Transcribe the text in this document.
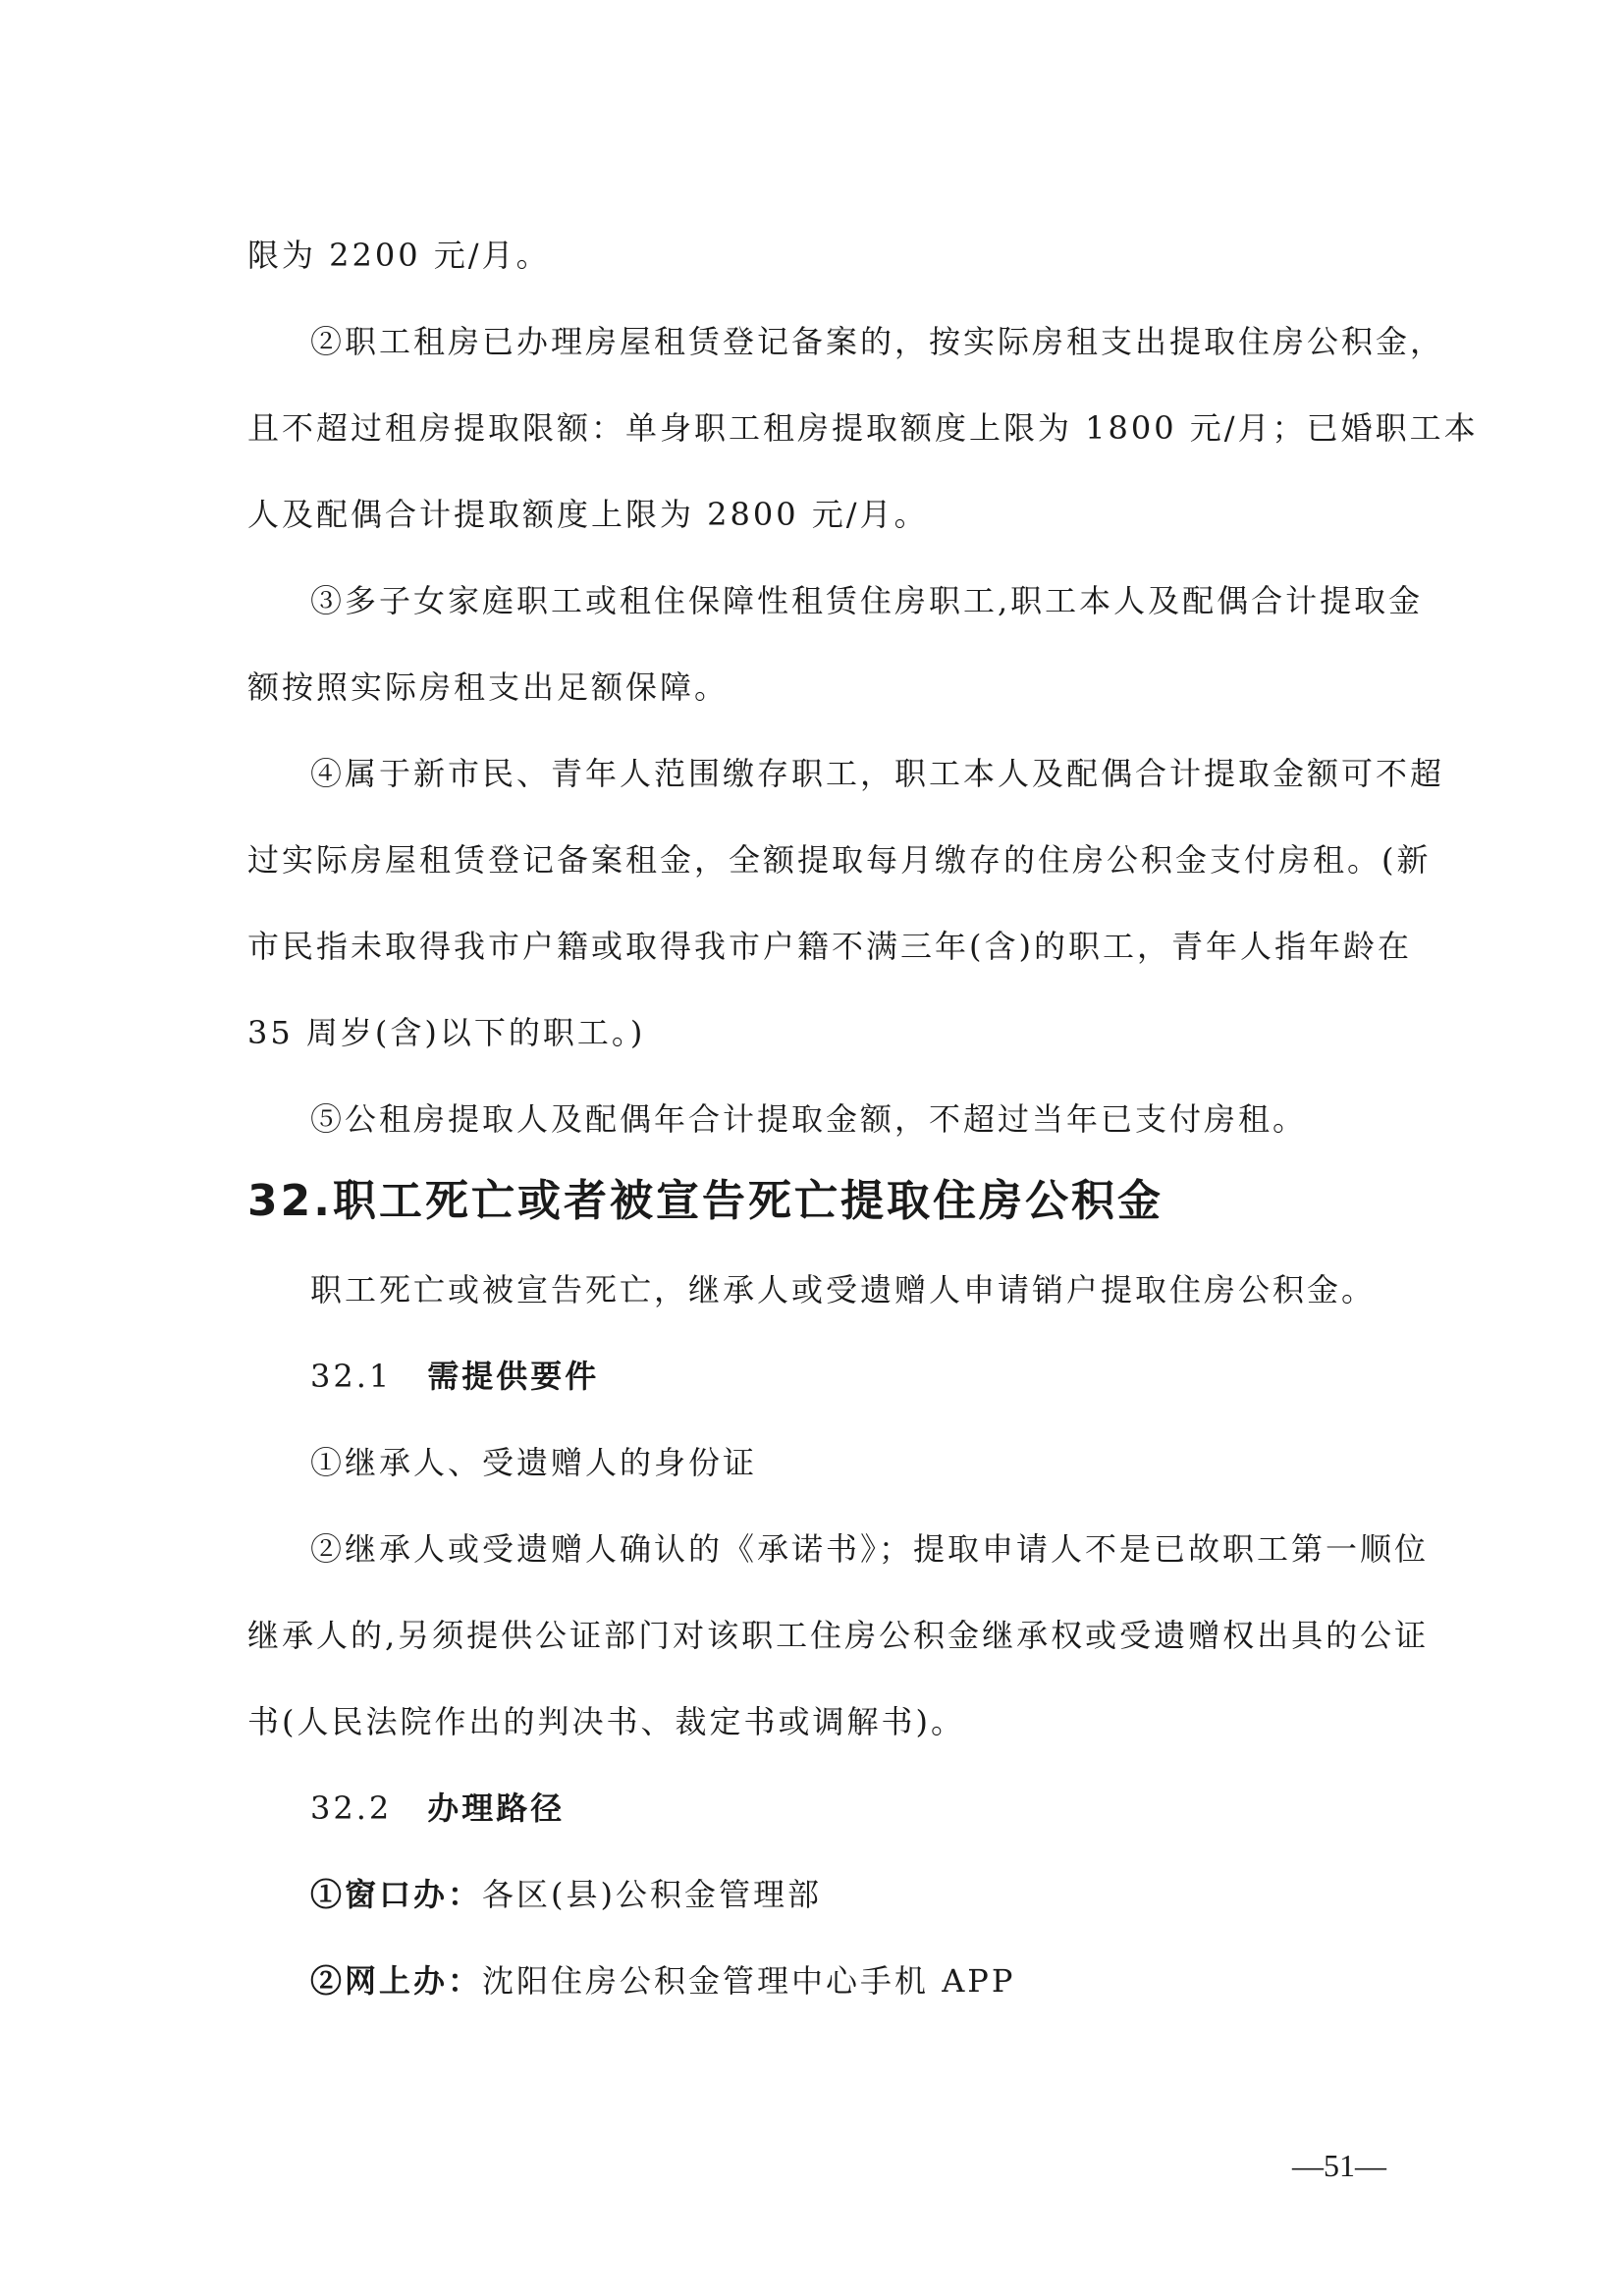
限为 2200 元/月。
②职工租房已办理房屋租赁登记备案的，按实际房租支出提取住房公积金，
且不超过租房提取限额：单身职工租房提取额度上限为 1800 元/月；已婚职工本
人及配偶合计提取额度上限为 2800 元/月。
③多子女家庭职工或租住保障性租赁住房职工,职工本人及配偶合计提取金
额按照实际房租支出足额保障。
④属于新市民、青年人范围缴存职工，职工本人及配偶合计提取金额可不超
过实际房屋租赁登记备案租金，全额提取每月缴存的住房公积金支付房租。(新
市民指未取得我市户籍或取得我市户籍不满三年(含)的职工，青年人指年龄在
35 周岁(含)以下的职工。)
⑤公租房提取人及配偶年合计提取金额，不超过当年已支付房租。
32.职工死亡或者被宣告死亡提取住房公积金
职工死亡或被宣告死亡，继承人或受遗赠人申请销户提取住房公积金。
32.1 需提供要件
①继承人、受遗赠人的身份证
②继承人或受遗赠人确认的《承诺书》；提取申请人不是已故职工第一顺位
继承人的,另须提供公证部门对该职工住房公积金继承权或受遗赠权出具的公证
书(人民法院作出的判决书、裁定书或调解书)。
32.2 办理路径
①窗口办：各区(县)公积金管理部
②网上办：沈阳住房公积金管理中心手机 APP
—51—
